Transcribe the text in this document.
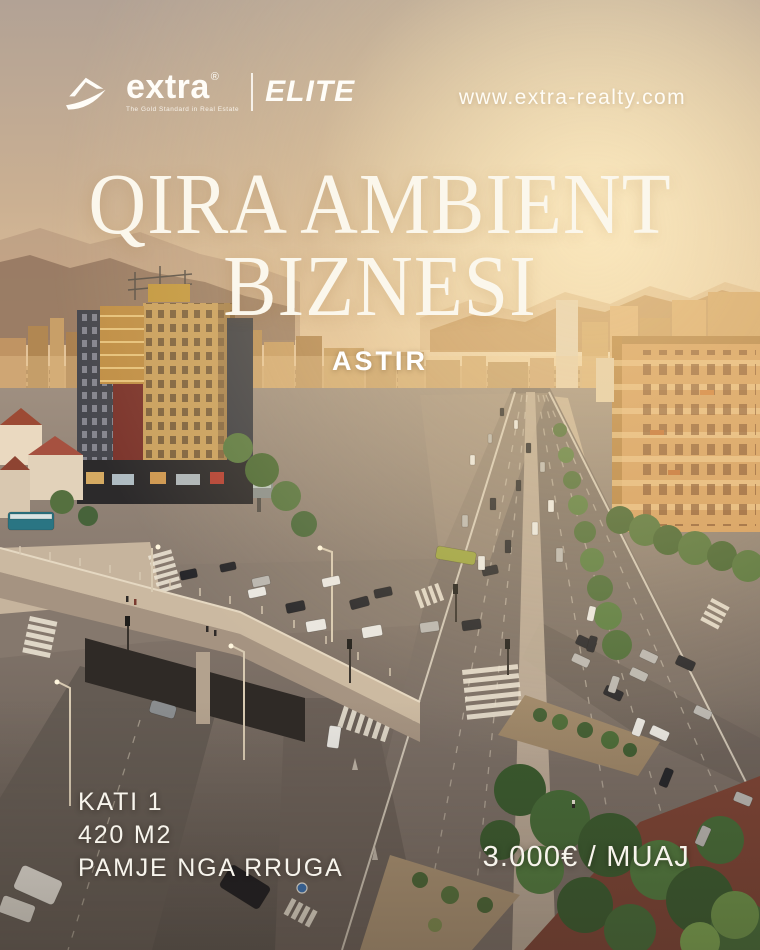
extra®
The Gold Standard in Real Estate
ELITE	www.extra-realty.com
QIRA AMBIENT
BIZNESI
ASTIR
KATI 1
420 M2
PAMJE NGA RRUGA	3.000€ / MUAJ
